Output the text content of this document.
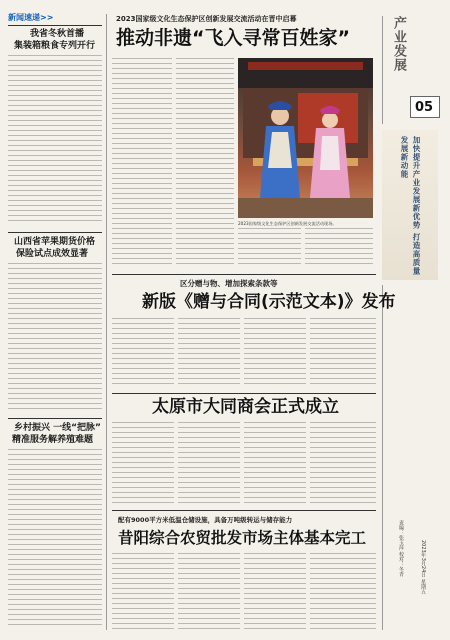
新闻速递>>
我省冬秋首播
集装箱粮食专列开行
山西省苹果期货价格
保险试点成效显著
乡村振兴 一线“把脉”
精准服务解养殖难题
2023国家级文化生态保护区创新发展交流活动在晋中启幕
推动非遗“飞入寻常百姓家”
2023国家级文化生态保护区创新发展交流活动现场。
产业发展
05
加快提升产业发展新优势 打造高质量发展新动能
责编：张玉萍 校对：冬青	2023年3月24日 星期五
区分赠与物、增加探索条款等
新版《赠与合同(示范文本)》发布
太原市大同商会正式成立
配有9000平方米低温仓储设施，具备万吨级转运与储存能力
昔阳综合农贸批发市场主体基本完工
